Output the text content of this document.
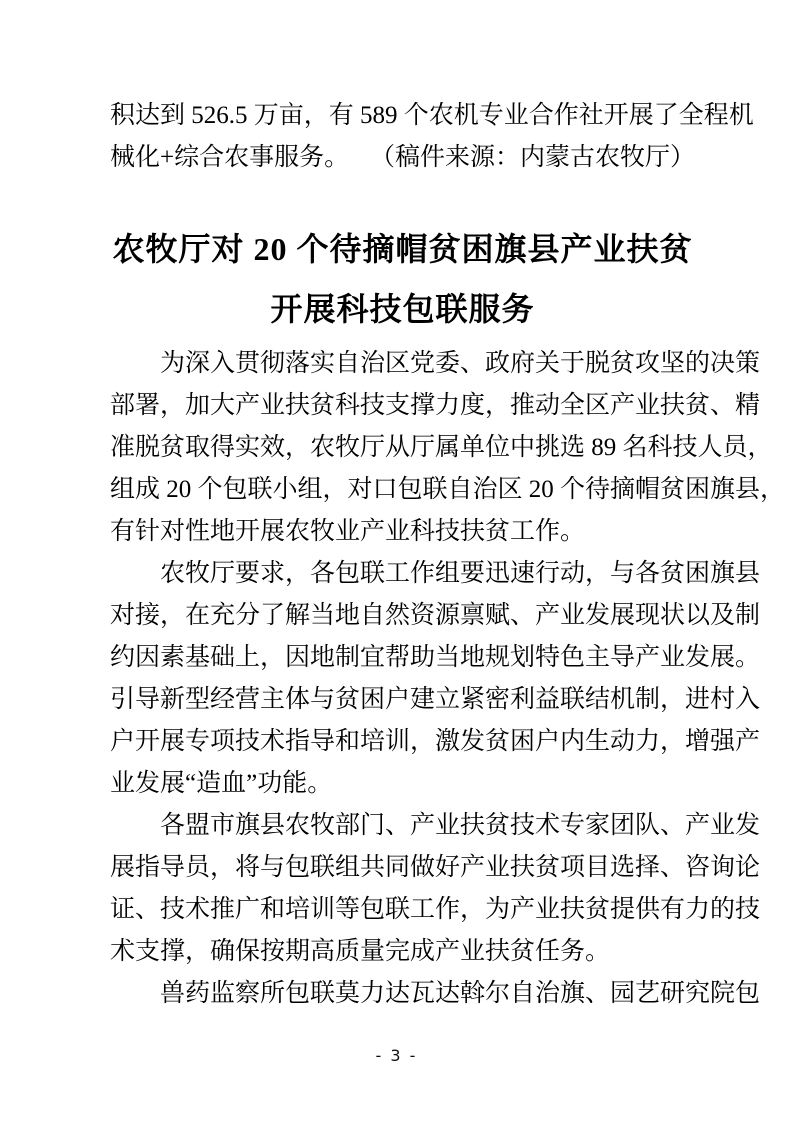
积达到 526.5 万亩，有 589 个农机专业合作社开展了全程机
械化+综合农事服务。 （稿件来源：内蒙古农牧厅）
农牧厅对 20 个待摘帽贫困旗县产业扶贫
开展科技包联服务
为深入贯彻落实自治区党委、政府关于脱贫攻坚的决策
部署，加大产业扶贫科技支撑力度，推动全区产业扶贫、精
准脱贫取得实效，农牧厅从厅属单位中挑选 89 名科技人员，
组成 20 个包联小组，对口包联自治区 20 个待摘帽贫困旗县，
有针对性地开展农牧业产业科技扶贫工作。
农牧厅要求，各包联工作组要迅速行动，与各贫困旗县
对接，在充分了解当地自然资源禀赋、产业发展现状以及制
约因素基础上，因地制宜帮助当地规划特色主导产业发展。
引导新型经营主体与贫困户建立紧密利益联结机制，进村入
户开展专项技术指导和培训，激发贫困户内生动力，增强产
业发展“造血”功能。
各盟市旗县农牧部门、产业扶贫技术专家团队、产业发
展指导员，将与包联组共同做好产业扶贫项目选择、咨询论
证、技术推广和培训等包联工作，为产业扶贫提供有力的技
术支撑，确保按期高质量完成产业扶贫任务。
兽药监察所包联莫力达瓦达斡尔自治旗、园艺研究院包
- 3 -
